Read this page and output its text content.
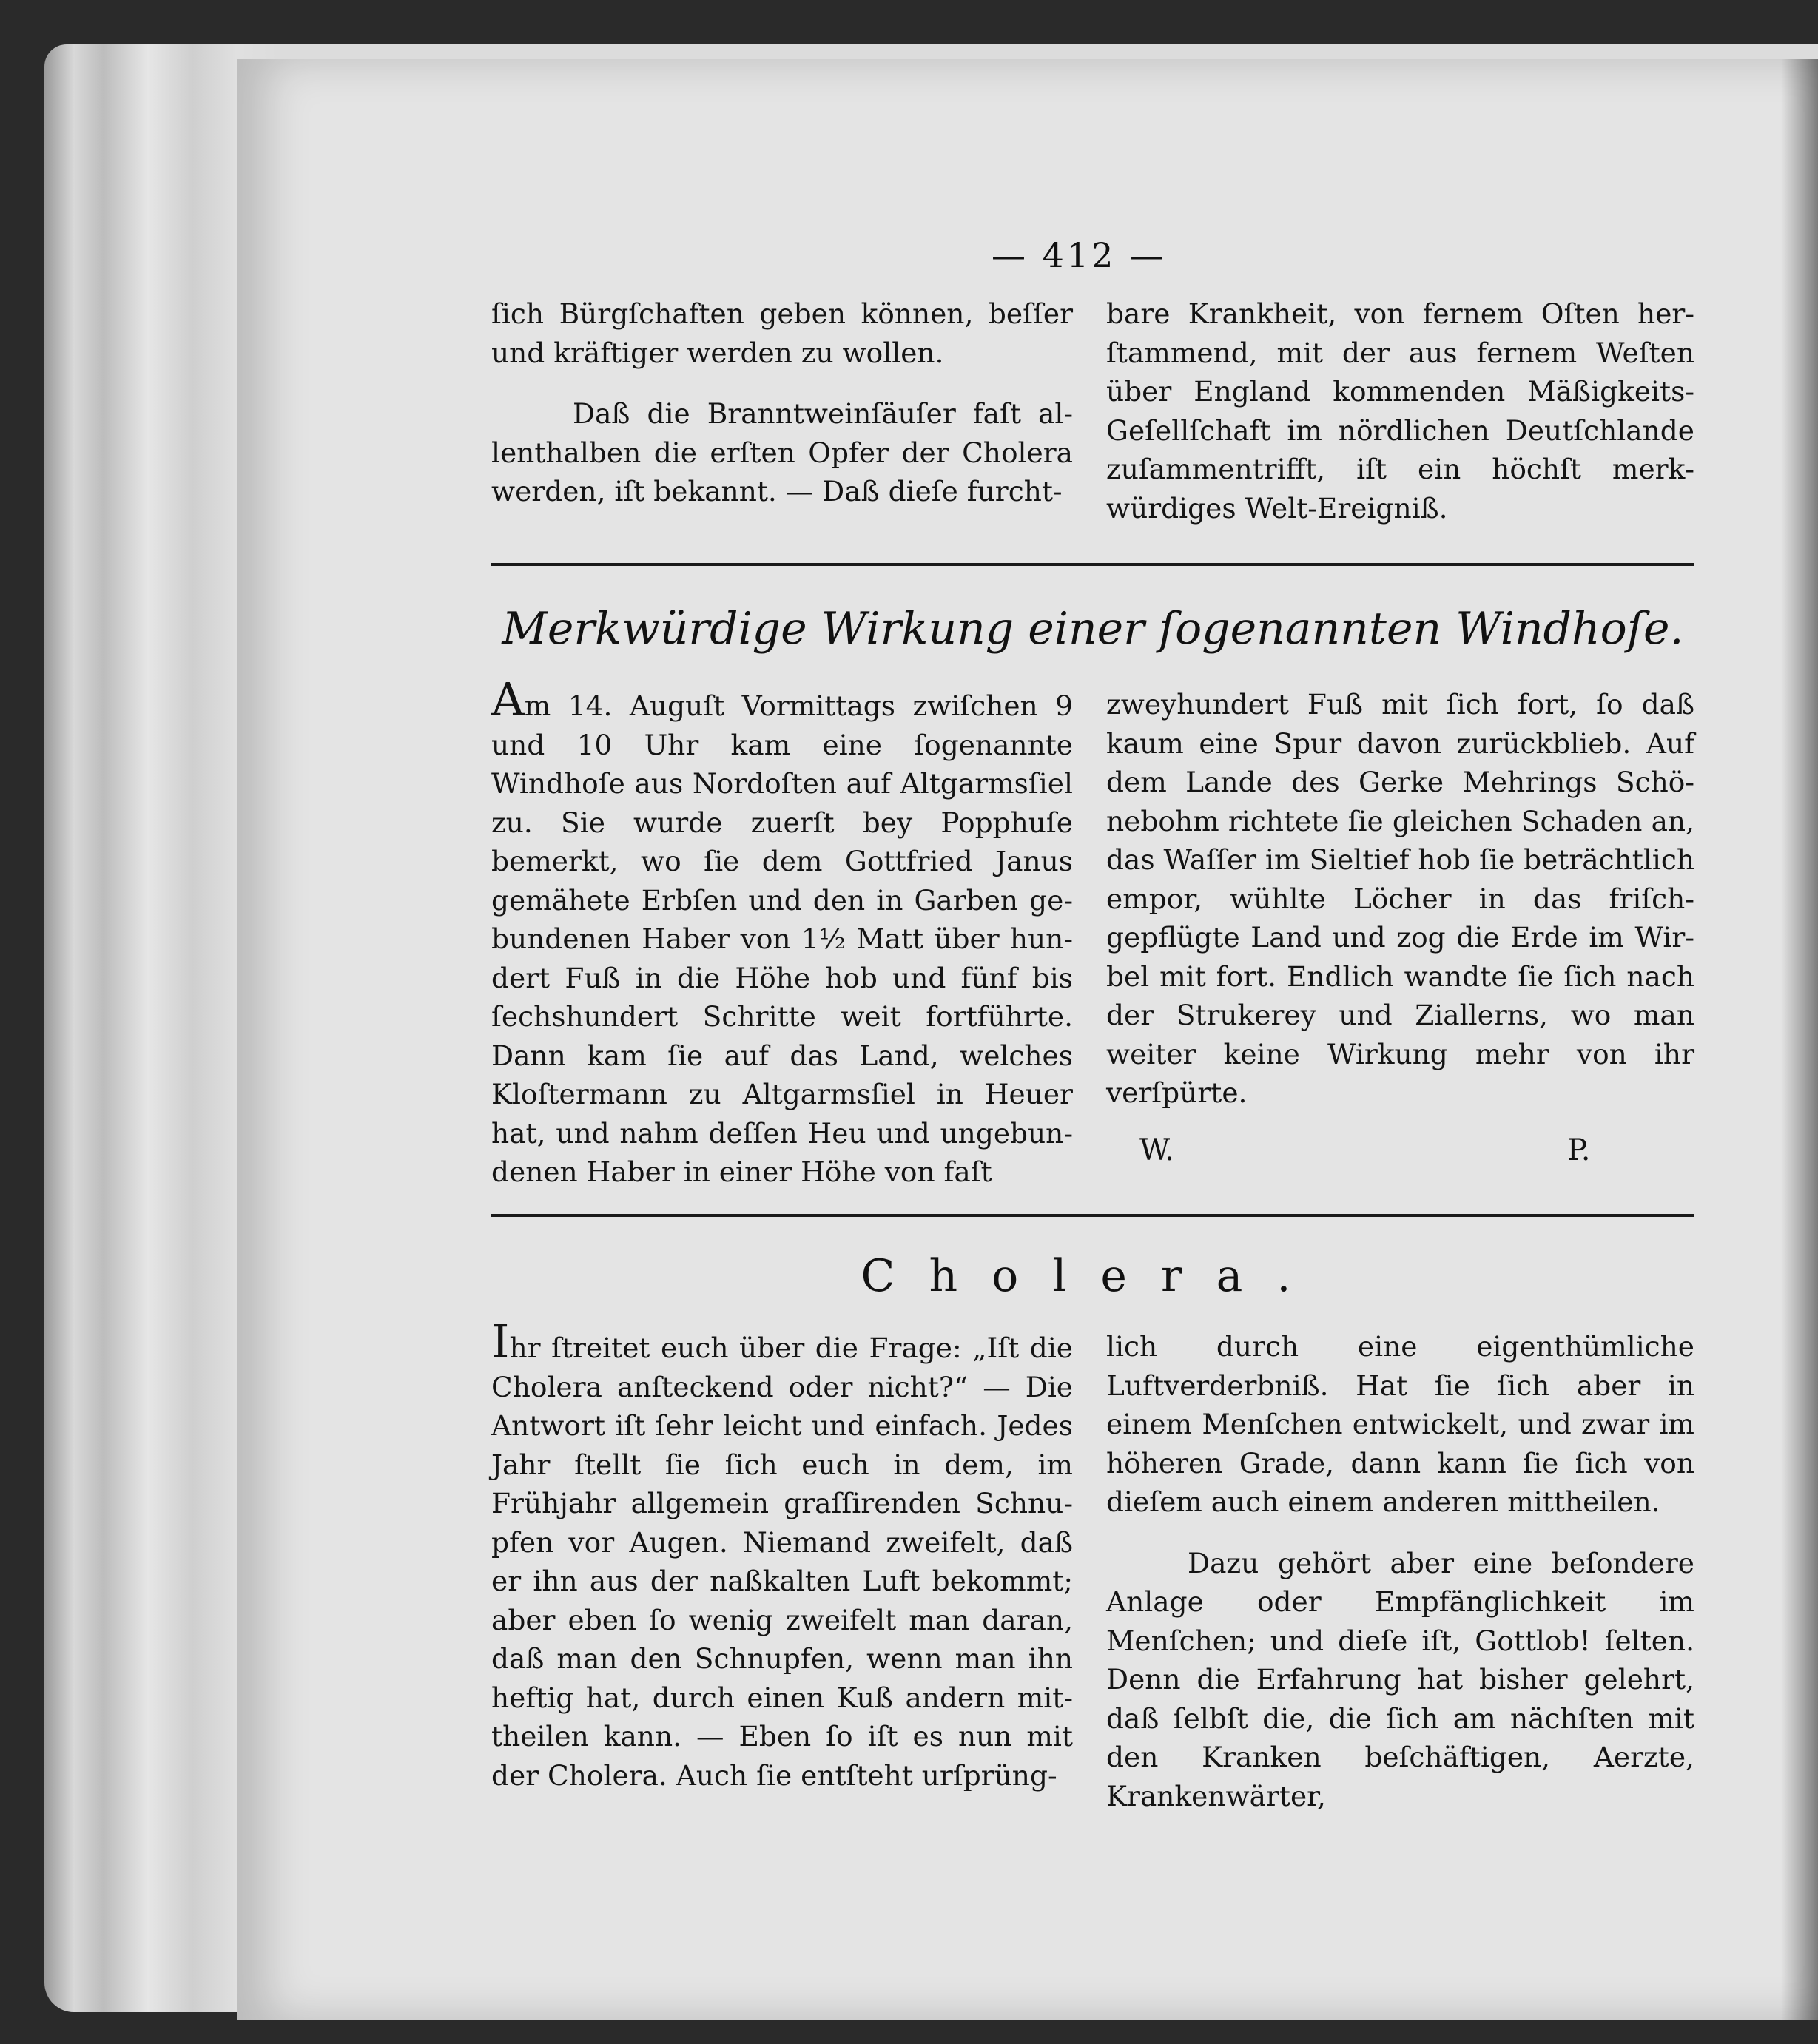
— 412 —

ſich Bürgſchaften geben können, beſſer und kräftiger werden zu wollen.

Daß die Branntweinſäuſer faſt allenthalben die erſten Opfer der Cholera werden, iſt bekannt. — Daß dieſe furcht-

bare Krankheit, von fernem Oſten herſtammend, mit der aus fernem Weſten über England kommenden Mäßigkeits-Geſellſchaft im nördlichen Deutſchlande zuſammentrifft, iſt ein höchſt merkwürdiges Welt-Ereigniß.

Merkwürdige Wirkung einer ſogenannten Windhoſe.

Am 14. Auguſt Vormittags zwiſchen 9 und 10 Uhr kam eine ſogenannte Windhoſe aus Nordoſten auf Altgarmsſiel zu. Sie wurde zuerſt bey Popphuſe bemerkt, wo ſie dem Gottfried Janus gemähete Erbſen und den in Garben gebundenen Haber von 1½ Matt über hundert Fuß in die Höhe hob und fünf bis ſechshundert Schritte weit fortführte. Dann kam ſie auf das Land, welches Kloſtermann zu Altgarmsſiel in Heuer hat, und nahm deſſen Heu und ungebundenen Haber in einer Höhe von faſt

zweyhundert Fuß mit ſich fort, ſo daß kaum eine Spur davon zurückblieb. Auf dem Lande des Gerke Mehrings Schönebohm richtete ſie gleichen Schaden an, das Waſſer im Sieltief hob ſie beträchtlich empor, wühlte Löcher in das friſchgepflügte Land und zog die Erde im Wirbel mit fort. Endlich wandte ſie ſich nach der Strukerey und Ziallerns, wo man weiter keine Wirkung mehr von ihr verſpürte.

W.	P.
Cholera.

Ihr ſtreitet euch über die Frage: „Iſt die Cholera anſteckend oder nicht?“ — Die Antwort iſt ſehr leicht und einfach. Jedes Jahr ſtellt ſie ſich euch in dem, im Frühjahr allgemein graſſirenden Schnupfen vor Augen. Niemand zweifelt, daß er ihn aus der naßkalten Luft bekommt; aber eben ſo wenig zweifelt man daran, daß man den Schnupfen, wenn man ihn heftig hat, durch einen Kuß andern mittheilen kann. — Eben ſo iſt es nun mit der Cholera. Auch ſie entſteht urſprüng-

lich durch eine eigenthümliche Luftverderbniß. Hat ſie ſich aber in einem Menſchen entwickelt, und zwar im höheren Grade, dann kann ſie ſich von dieſem auch einem anderen mittheilen.

Dazu gehört aber eine beſondere Anlage oder Empfänglichkeit im Menſchen; und dieſe iſt, Gottlob! ſelten. Denn die Erfahrung hat bisher gelehrt, daß ſelbſt die, die ſich am nächſten mit den Kranken beſchäftigen, Aerzte, Krankenwärter,
